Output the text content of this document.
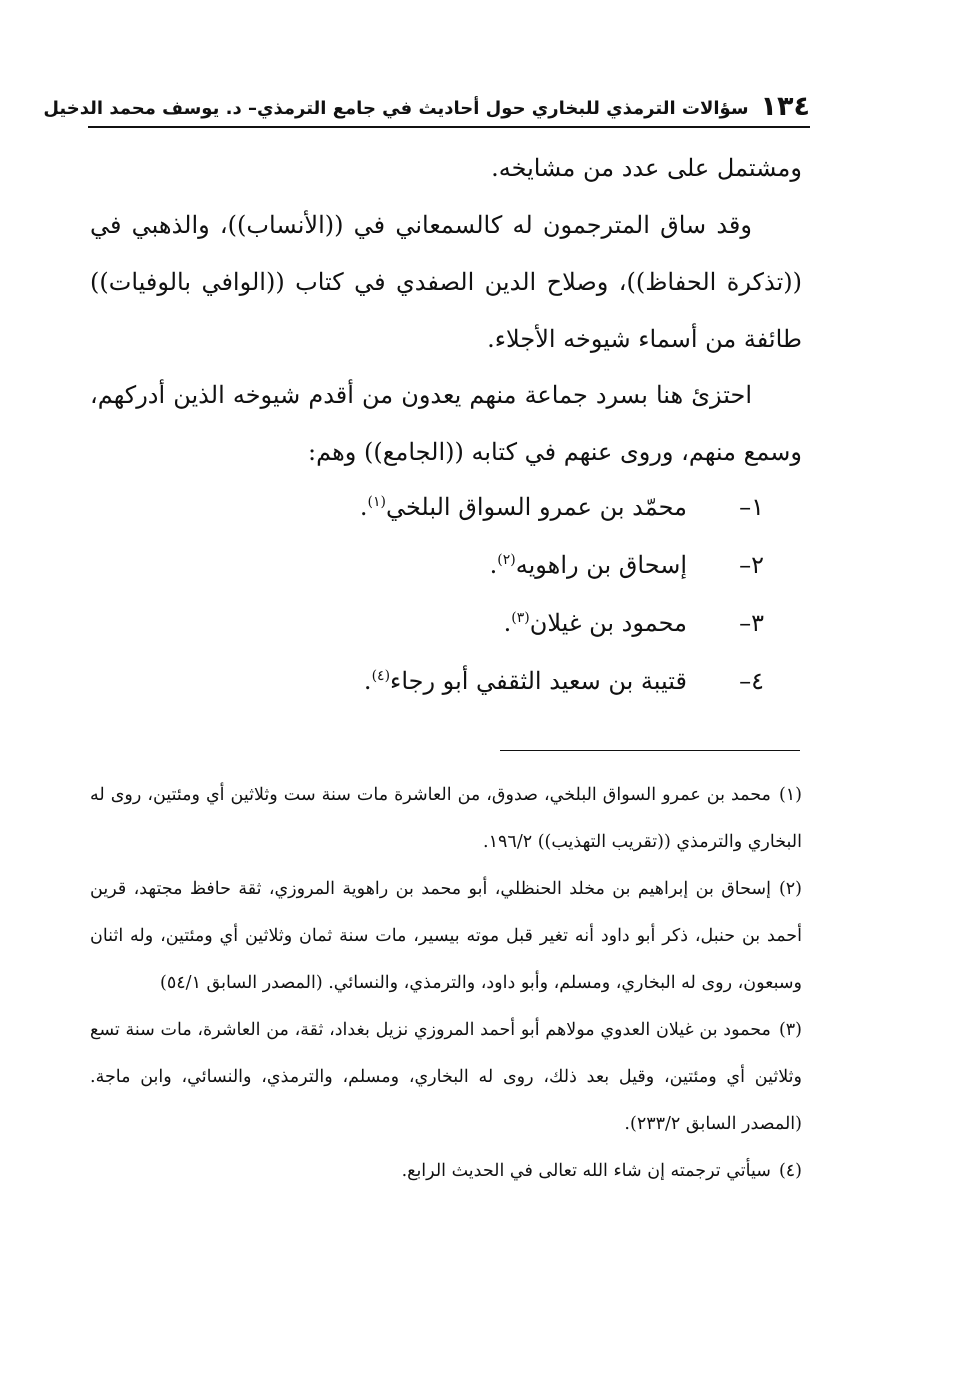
١٣٤
سؤالات الترمذي للبخاري حول أحاديث في جامع الترمذي– د. يوسف محمد الدخيل

ومشتمل على عدد من مشايخه.

وقد ساق المترجمون له كالسمعاني في ((الأنساب))، والذهبي في ((تذكرة الحفاظ))، وصلاح الدين الصفدي في كتاب ((الوافي بالوفيات)) طائفة من أسماء شيوخه الأجلاء.

احتزئ هنا بسرد جماعة منهم يعدون من أقدم شيوخه الذين أدركهم، وسمع منهم، وروى عنهم في كتابه ((الجامع)) وهم:

١–
محمّد بن عمرو السواق البلخي$^{(١)}$.
٢–
إسحاق بن راهويه$^{(٢)}$.
٣–
محمود بن غيلان$^{(٣)}$.
٤–
قتيبة بن سعيد الثقفي أبو رجاء$^{(٤)}$.

(١)محمد بن عمرو السواق البلخي، صدوق، من العاشرة مات سنة ست وثلاثين أي ومئتين، روى له البخاري والترمذي ((تقريب التهذيب)) ١٩٦/٢.

(٢)إسحاق بن إبراهيم بن مخلد الحنظلي، أبو محمد بن راهوية المروزي، ثقة حافظ مجتهد، قرين أحمد بن حنبل، ذكر أبو داود أنه تغير قبل موته بيسير، مات سنة ثمان وثلاثين أي ومئتين، وله اثنان وسبعون، روى له البخاري، ومسلم، وأبو داود، والترمذي، والنسائي. (المصدر السابق ٥٤/١)

(٣)محمود بن غيلان العدوي مولاهم أبو أحمد المروزي نزيل بغداد، ثقة، من العاشرة، مات سنة تسع وثلاثين أي ومئتين، وقيل بعد ذلك، روى له البخاري، ومسلم، والترمذي، والنسائي، وابن ماجة. (المصدر السابق ٢٣٣/٢).

(٤)سيأتي ترجمته إن شاء الله تعالى في الحديث الرابع.
